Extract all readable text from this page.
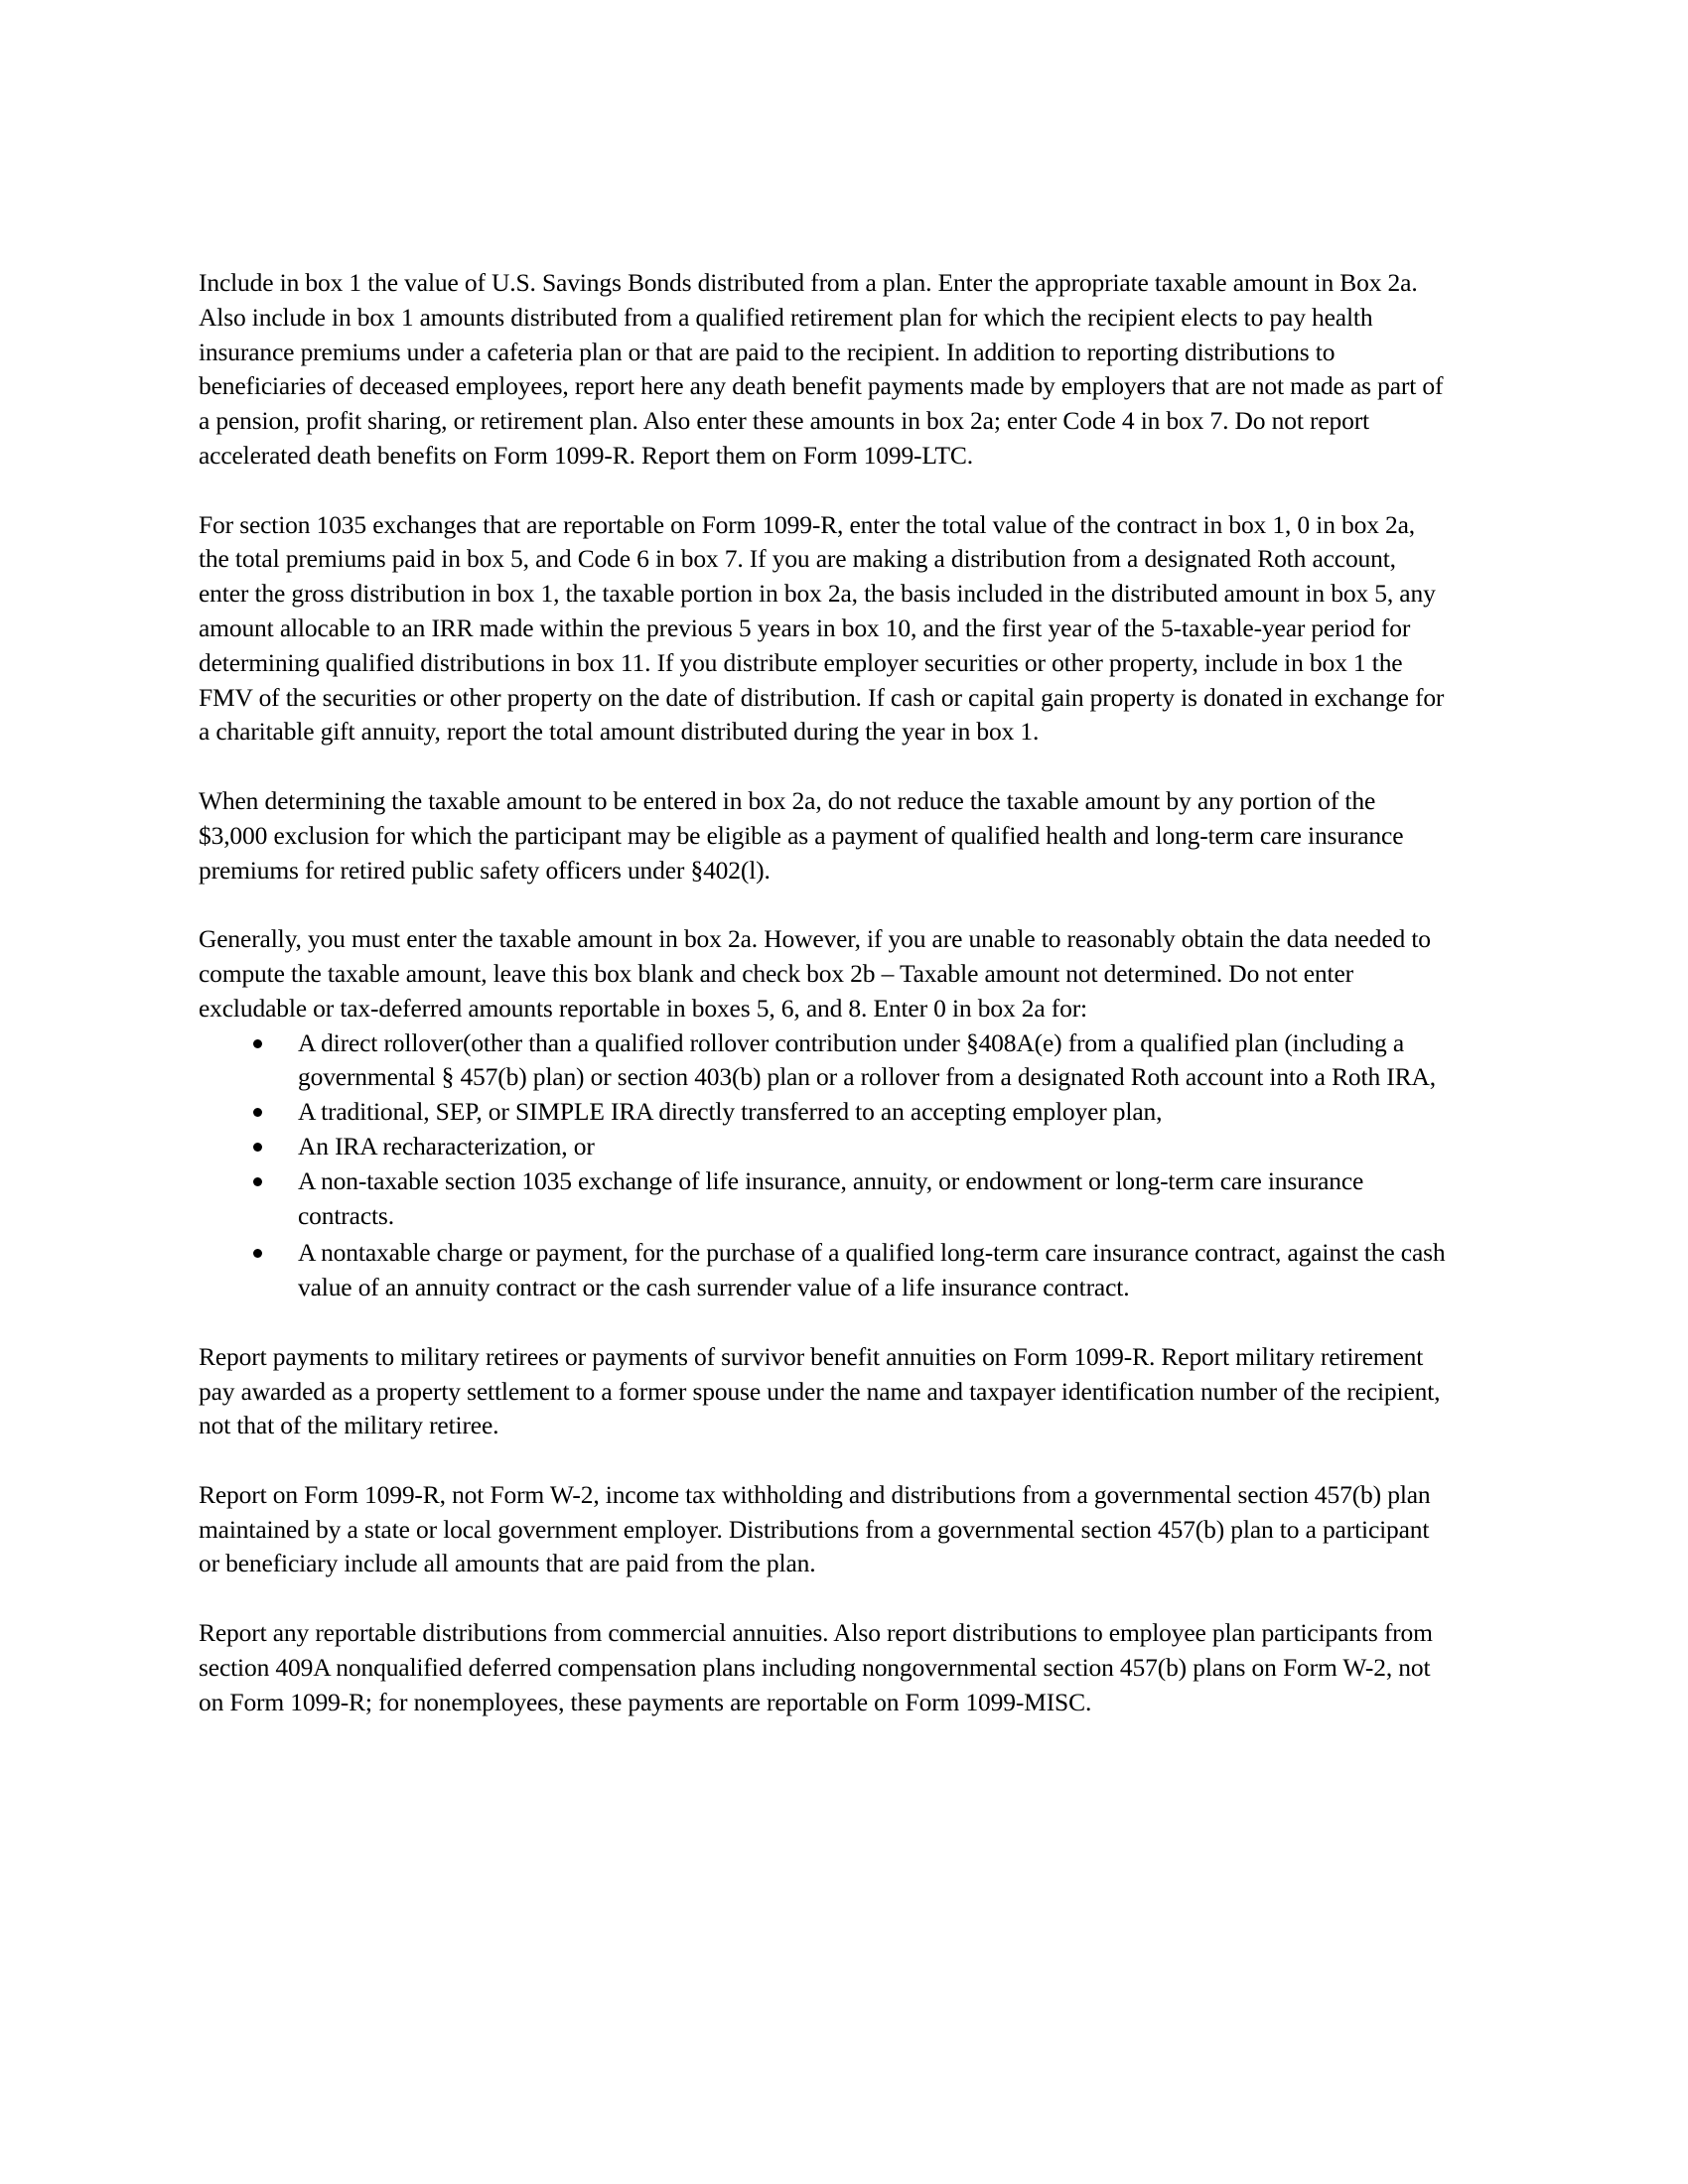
Include in box 1 the value of U.S. Savings Bonds distributed from a plan. Enter the appropriate taxable amount in Box 2a. Also include in box 1 amounts distributed from a qualified retirement plan for which the recipient elects to pay health insurance premiums under a cafeteria plan or that are paid to the recipient. In addition to reporting distributions to beneficiaries of deceased employees, report here any death benefit payments made by employers that are not made as part of a pension, profit sharing, or retirement plan. Also enter these amounts in box 2a; enter Code 4 in box 7. Do not report accelerated death benefits on Form 1099-R. Report them on Form 1099-LTC.

For section 1035 exchanges that are reportable on Form 1099-R, enter the total value of the contract in box 1, 0 in box 2a, the total premiums paid in box 5, and Code 6 in box 7. If you are making a distribution from a designated Roth account, enter the gross distribution in box 1, the taxable portion in box 2a, the basis included in the distributed amount in box 5, any amount allocable to an IRR made within the previous 5 years in box 10, and the first year of the 5-taxable-year period for determining qualified distributions in box 11. If you distribute employer securities or other property, include in box 1 the FMV of the securities or other property on the date of distribution. If cash or capital gain property is donated in exchange for a charitable gift annuity, report the total amount distributed during the year in box 1.

When determining the taxable amount to be entered in box 2a, do not reduce the taxable amount by any portion of the $3,000 exclusion for which the participant may be eligible as a payment of qualified health and long-term care insurance premiums for retired public safety officers under §402(l).

Generally, you must enter the taxable amount in box 2a. However, if you are unable to reasonably obtain the data needed to compute the taxable amount, leave this box blank and check box 2b – Taxable amount not determined. Do not enter excludable or tax-deferred amounts reportable in boxes 5, 6, and 8. Enter 0 in box 2a for:

A direct rollover(other than a qualified rollover contribution under §408A(e) from a qualified plan (including a governmental § 457(b) plan) or section 403(b) plan or a rollover from a designated Roth account into a Roth IRA,
A traditional, SEP, or SIMPLE IRA directly transferred to an accepting employer plan,
An IRA recharacterization, or
A non-taxable section 1035 exchange of life insurance, annuity, or endowment or long-term care insurance contracts.
A nontaxable charge or payment, for the purchase of a qualified long-term care insurance contract, against the cash value of an annuity contract or the cash surrender value of a life insurance contract.

Report payments to military retirees or payments of survivor benefit annuities on Form 1099-R. Report military retirement pay awarded as a property settlement to a former spouse under the name and taxpayer identification number of the recipient, not that of the military retiree.

Report on Form 1099-R, not Form W-2, income tax withholding and distributions from a governmental section 457(b) plan maintained by a state or local government employer. Distributions from a governmental section 457(b) plan to a participant or beneficiary include all amounts that are paid from the plan.

Report any reportable distributions from commercial annuities. Also report distributions to employee plan participants from section 409A nonqualified deferred compensation plans including nongovernmental section 457(b) plans on Form W-2, not on Form 1099-R; for nonemployees, these payments are reportable on Form 1099-MISC.
